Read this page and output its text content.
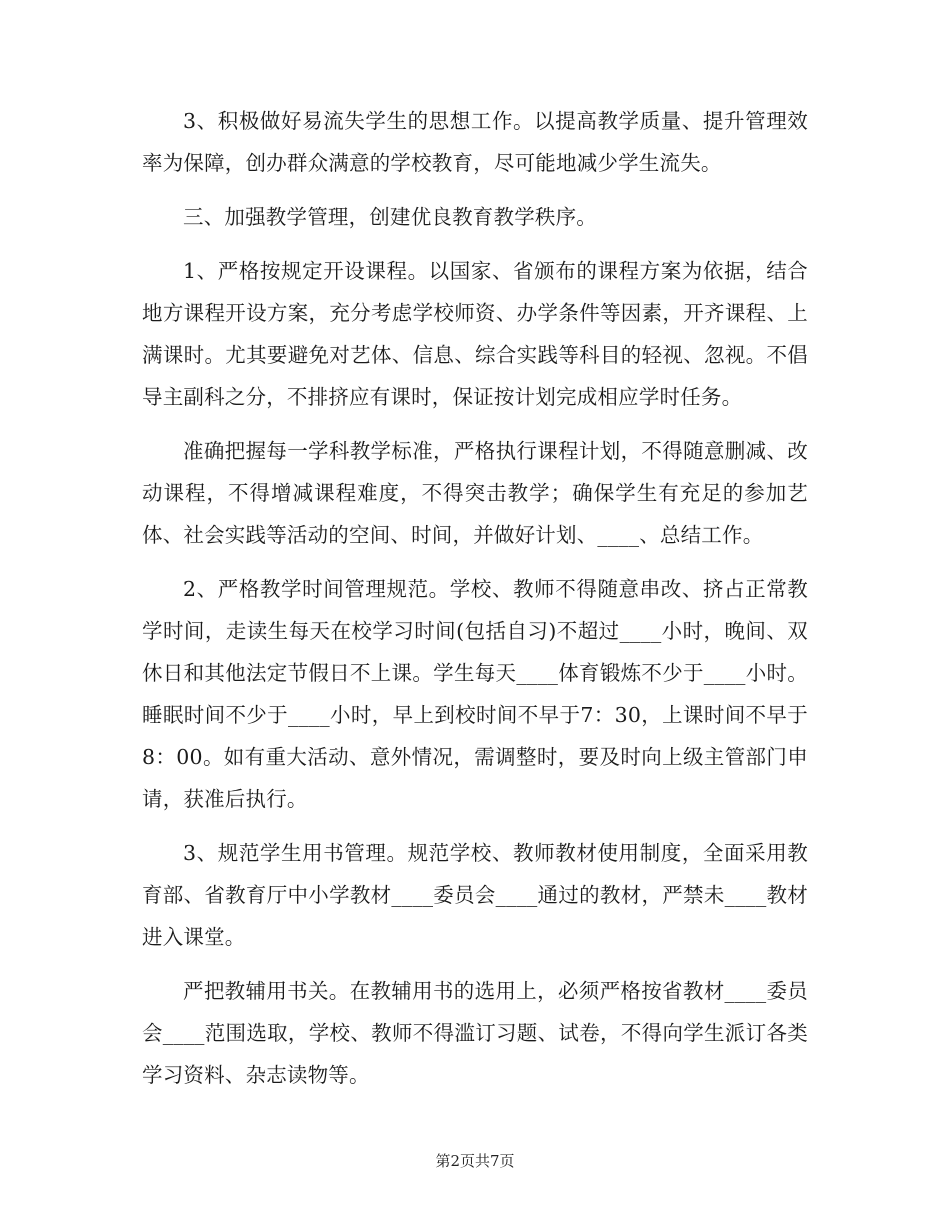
3、积极做好易流失学生的思想工作。以提高教学质量、提升管理效率为保障，创办群众满意的学校教育，尽可能地减少学生流失。

三、加强教学管理，创建优良教育教学秩序。

1、严格按规定开设课程。以国家、省颁布的课程方案为依据，结合地方课程开设方案，充分考虑学校师资、办学条件等因素，开齐课程、上满课时。尤其要避免对艺体、信息、综合实践等科目的轻视、忽视。不倡导主副科之分，不排挤应有课时，保证按计划完成相应学时任务。

准确把握每一学科教学标准，严格执行课程计划，不得随意删减、改动课程，不得增减课程难度，不得突击教学；确保学生有充足的参加艺体、社会实践等活动的空间、时间，并做好计划、____、总结工作。

2、严格教学时间管理规范。学校、教师不得随意串改、挤占正常教学时间，走读生每天在校学习时间(包括自习)不超过____小时，晚间、双休日和其他法定节假日不上课。学生每天____体育锻炼不少于____小时。睡眠时间不少于____小时，早上到校时间不早于7：30，上课时间不早于8：00。如有重大活动、意外情况，需调整时，要及时向上级主管部门申请，获准后执行。

3、规范学生用书管理。规范学校、教师教材使用制度，全面采用教育部、省教育厅中小学教材____委员会____通过的教材，严禁未____教材进入课堂。

严把教辅用书关。在教辅用书的选用上，必须严格按省教材____委员会____范围选取，学校、教师不得滥订习题、试卷，不得向学生派订各类学习资料、杂志读物等。

第2页共7页
